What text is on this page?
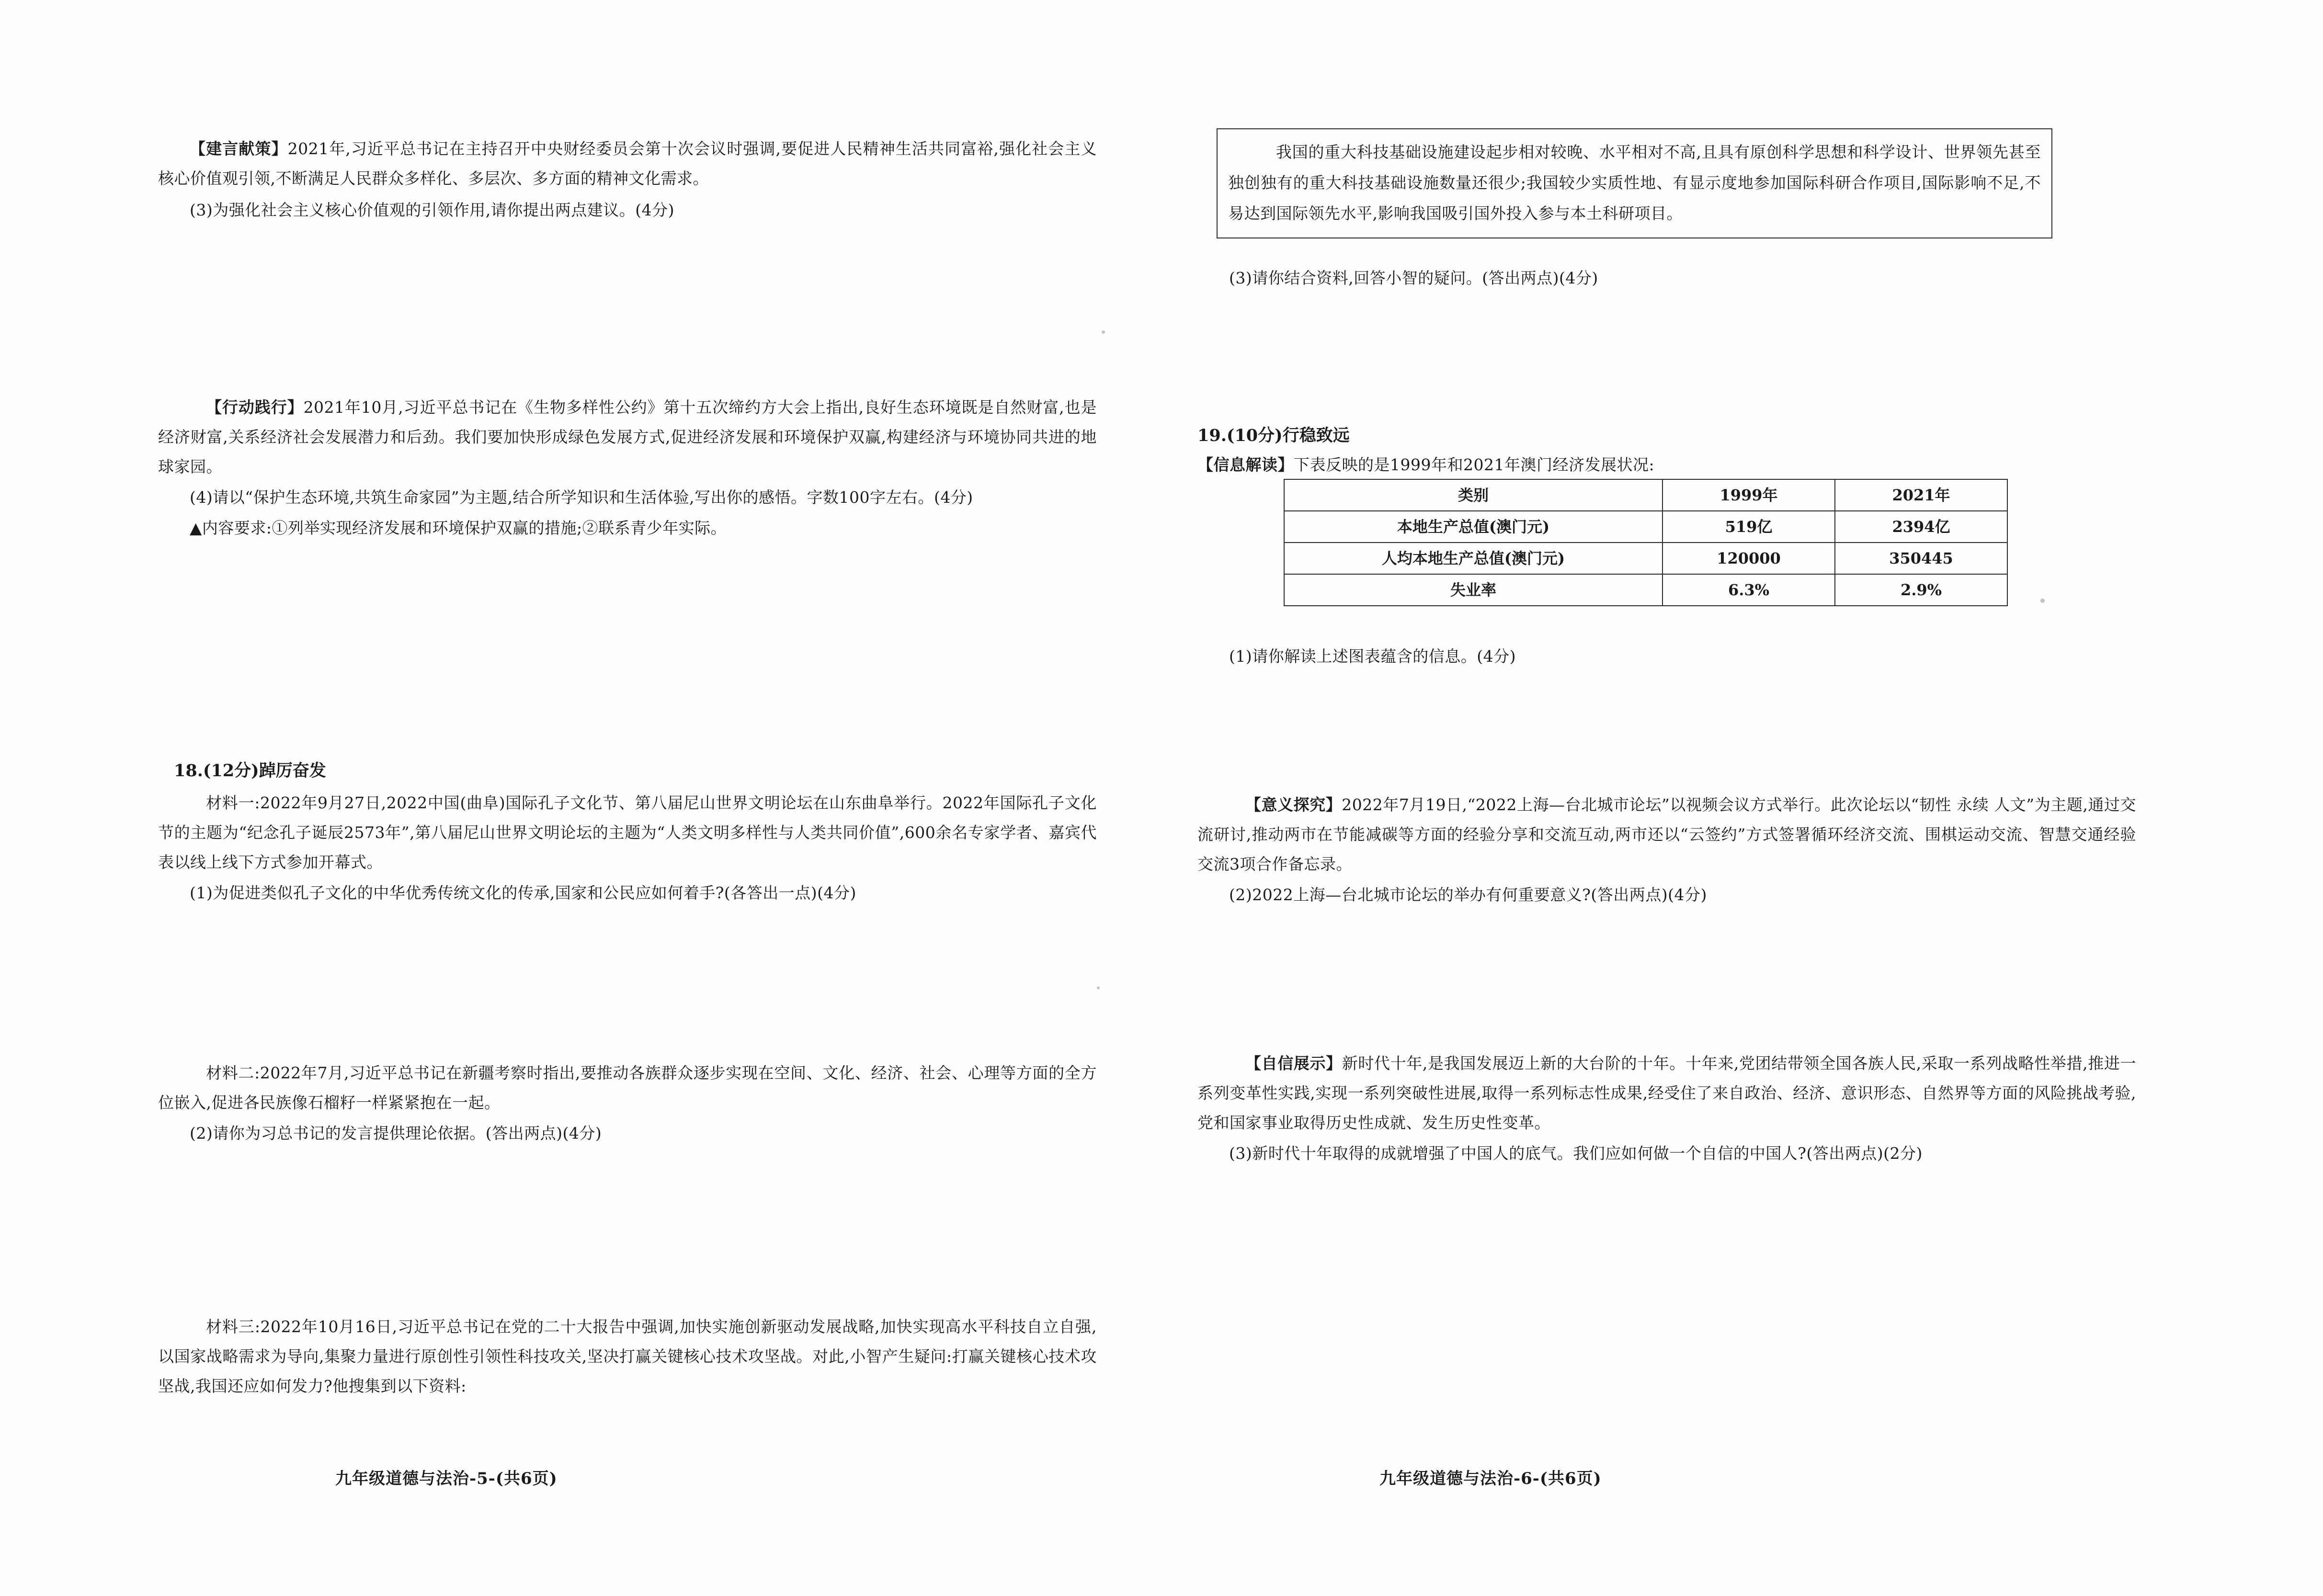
【建言献策】2021年,习近平总书记在主持召开中央财经委员会第十次会议时强调,要促进人民精神生活共同富裕,强化社会主义核心价值观引领,不断满足人民群众多样化、多层次、多方面的精神文化需求。

(3)为强化社会主义核心价值观的引领作用,请你提出两点建议。(4分)

【行动践行】2021年10月,习近平总书记在《生物多样性公约》第十五次缔约方大会上指出,良好生态环境既是自然财富,也是经济财富,关系经济社会发展潜力和后劲。我们要加快形成绿色发展方式,促进经济发展和环境保护双赢,构建经济与环境协同共进的地球家园。

(4)请以“保护生态环境,共筑生命家园”为主题,结合所学知识和生活体验,写出你的感悟。字数100字左右。(4分)

▲内容要求:①列举实现经济发展和环境保护双赢的措施;②联系青少年实际。

18.(12分)踔厉奋发

材料一:2022年9月27日,2022中国(曲阜)国际孔子文化节、第八届尼山世界文明论坛在山东曲阜举行。2022年国际孔子文化节的主题为“纪念孔子诞辰2573年”,第八届尼山世界文明论坛的主题为“人类文明多样性与人类共同价值”,600余名专家学者、嘉宾代表以线上线下方式参加开幕式。

(1)为促进类似孔子文化的中华优秀传统文化的传承,国家和公民应如何着手?(各答出一点)(4分)

材料二:2022年7月,习近平总书记在新疆考察时指出,要推动各族群众逐步实现在空间、文化、经济、社会、心理等方面的全方位嵌入,促进各民族像石榴籽一样紧紧抱在一起。

(2)请你为习总书记的发言提供理论依据。(答出两点)(4分)

材料三:2022年10月16日,习近平总书记在党的二十大报告中强调,加快实施创新驱动发展战略,加快实现高水平科技自立自强,以国家战略需求为导向,集聚力量进行原创性引领性科技攻关,坚决打赢关键核心技术攻坚战。对此,小智产生疑问:打赢关键核心技术攻坚战,我国还应如何发力?他搜集到以下资料:

我国的重大科技基础设施建设起步相对较晚、水平相对不高,且具有原创科学思想和科学设计、世界领先甚至独创独有的重大科技基础设施数量还很少;我国较少实质性地、有显示度地参加国际科研合作项目,国际影响不足,不易达到国际领先水平,影响我国吸引国外投入参与本土科研项目。

(3)请你结合资料,回答小智的疑问。(答出两点)(4分)

19.(10分)行稳致远

【信息解读】下表反映的是1999年和2021年澳门经济发展状况:

类别	1999年	2021年
本地生产总值(澳门元)	519亿	2394亿
人均本地生产总值(澳门元)	120000	350445
失业率	6.3%	2.9%

(1)请你解读上述图表蕴含的信息。(4分)

【意义探究】2022年7月19日,“2022上海—台北城市论坛”以视频会议方式举行。此次论坛以“韧性 永续 人文”为主题,通过交流研讨,推动两市在节能减碳等方面的经验分享和交流互动,两市还以“云签约”方式签署循环经济交流、围棋运动交流、智慧交通经验交流3项合作备忘录。

(2)2022上海—台北城市论坛的举办有何重要意义?(答出两点)(4分)

【自信展示】新时代十年,是我国发展迈上新的大台阶的十年。十年来,党团结带领全国各族人民,采取一系列战略性举措,推进一系列变革性实践,实现一系列突破性进展,取得一系列标志性成果,经受住了来自政治、经济、意识形态、自然界等方面的风险挑战考验,党和国家事业取得历史性成就、发生历史性变革。

(3)新时代十年取得的成就增强了中国人的底气。我们应如何做一个自信的中国人?(答出两点)(2分)

九年级道德与法治-5-(共6页)	九年级道德与法治-6-(共6页)
